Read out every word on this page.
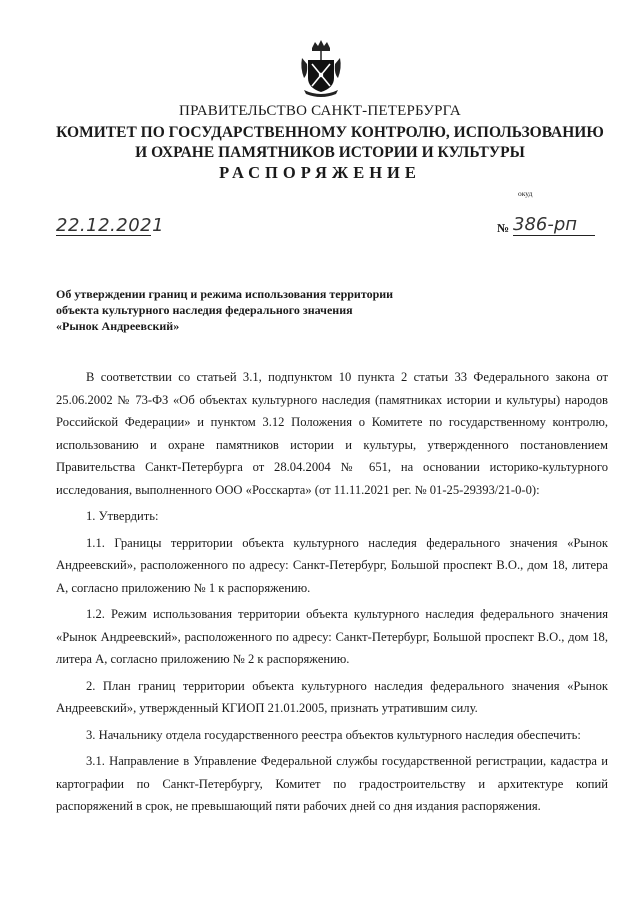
ПРАВИТЕЛЬСТВО САНКТ-ПЕТЕРБУРГА
КОМИТЕТ ПО ГОСУДАРСТВЕННОМУ КОНТРОЛЮ, ИСПОЛЬЗОВАНИЮ
И ОХРАНЕ ПАМЯТНИКОВ ИСТОРИИ И КУЛЬТУРЫ
РАСПОРЯЖЕНИЕ
окуд
22.12.2021	№ 386-рп
Об утверждении границ и режима использования территории
объекта культурного наследия федерального значения
«Рынок Андреевский»

В соответствии со статьей 3.1, подпунктом 10 пункта 2 статьи 33 Федерального закона от 25.06.2002 № 73-ФЗ «Об объектах культурного наследия (памятниках истории и культуры) народов Российской Федерации» и пунктом 3.12 Положения о Комитете по государственному контролю, использованию и охране памятников истории и культуры, утвержденного постановлением Правительства Санкт-Петербурга от 28.04.2004 № 651, на основании историко-культурного исследования, выполненного ООО «Росскарта» (от 11.11.2021 рег. № 01-25-29393/21-0-0):

1. Утвердить:

1.1. Границы территории объекта культурного наследия федерального значения «Рынок Андреевский», расположенного по адресу: Санкт-Петербург, Большой проспект В.О., дом 18, литера А, согласно приложению № 1 к распоряжению.

1.2. Режим использования территории объекта культурного наследия федерального значения «Рынок Андреевский», расположенного по адресу: Санкт-Петербург, Большой проспект В.О., дом 18, литера А, согласно приложению № 2 к распоряжению.

2. План границ территории объекта культурного наследия федерального значения «Рынок Андреевский», утвержденный КГИОП 21.01.2005, признать утратившим силу.

3. Начальнику отдела государственного реестра объектов культурного наследия обеспечить:

3.1. Направление в Управление Федеральной службы государственной регистрации, кадастра и картографии по Санкт-Петербургу, Комитет по градостроительству и архитектуре копий распоряжений в срок, не превышающий пяти рабочих дней со дня издания распоряжения.
